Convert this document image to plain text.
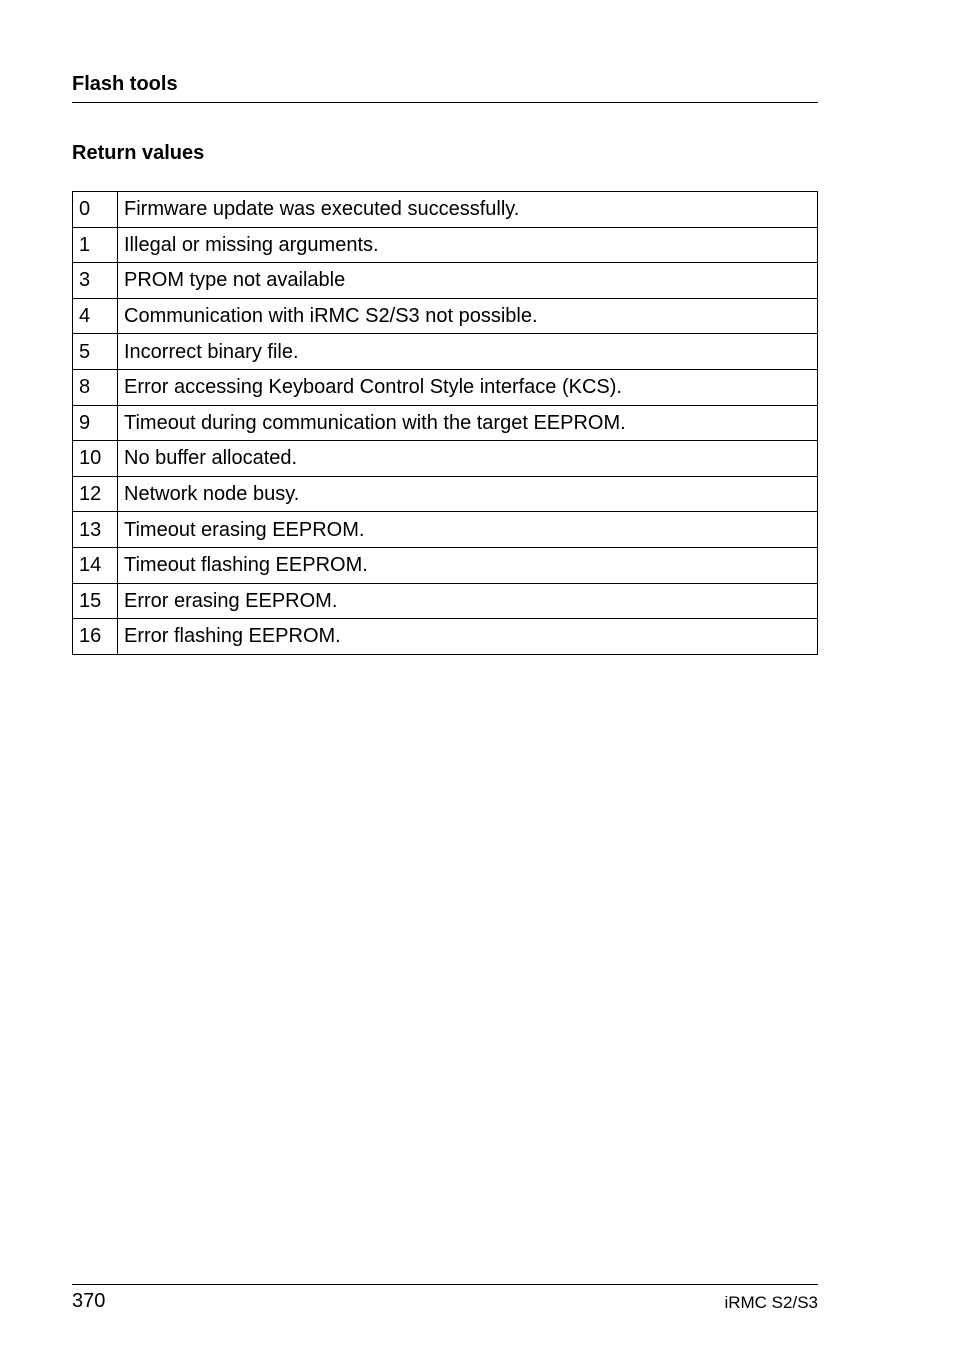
Flash tools
Return values
0	Firmware update was executed successfully.
1	Illegal or missing arguments.
3	PROM type not available
4	Communication with iRMC S2/S3 not possible.
5	Incorrect binary file.
8	Error accessing Keyboard Control Style interface (KCS).
9	Timeout during communication with the target EEPROM.
10	No buffer allocated.
12	Network node busy.
13	Timeout erasing EEPROM.
14	Timeout flashing EEPROM.
15	Error erasing EEPROM.
16	Error flashing EEPROM.
370	iRMC S2/S3
